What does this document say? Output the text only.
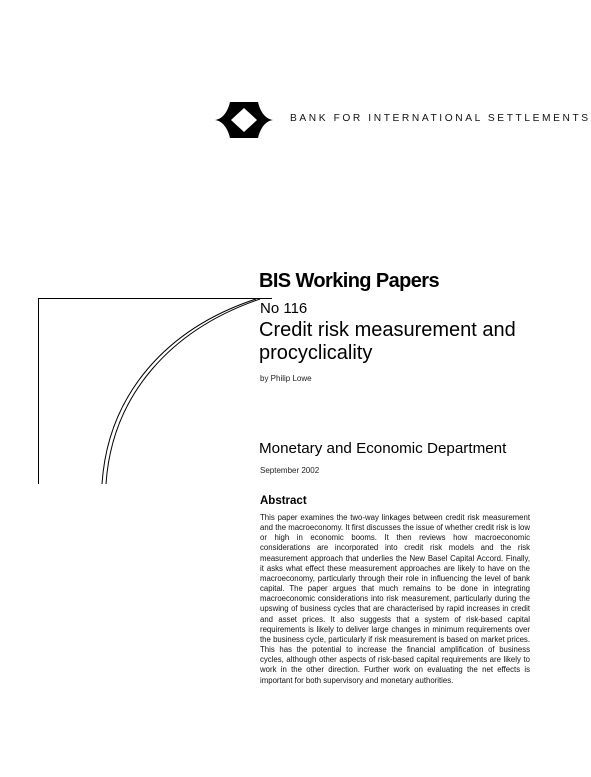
BANK FOR INTERNATIONAL SETTLEMENTS
BIS Working Papers
No 116
Credit risk measurement and procyclicality
by Philip Lowe
Monetary and Economic Department
September 2002
Abstract

This paper examines the two-way linkages between credit risk measurement and the macroeconomy. It first discusses the issue of whether credit risk is low or high in economic booms. It then reviews how macroeconomic considerations are incorporated into credit risk models and the risk measurement approach that underlies the New Basel Capital Accord. Finally, it asks what effect these measurement approaches are likely to have on the macroeconomy, particularly through their role in influencing the level of bank capital. The paper argues that much remains to be done in integrating macroeconomic considerations into risk measurement, particularly during the upswing of business cycles that are characterised by rapid increases in credit and asset prices. It also suggests that a system of risk-based capital requirements is likely to deliver large changes in minimum requirements over the business cycle, particularly if risk measurement is based on market prices. This has the potential to increase the financial amplification of business cycles, although other aspects of risk-based capital requirements are likely to work in the other direction. Further work on evaluating the net effects is important for both supervisory and monetary authorities.
